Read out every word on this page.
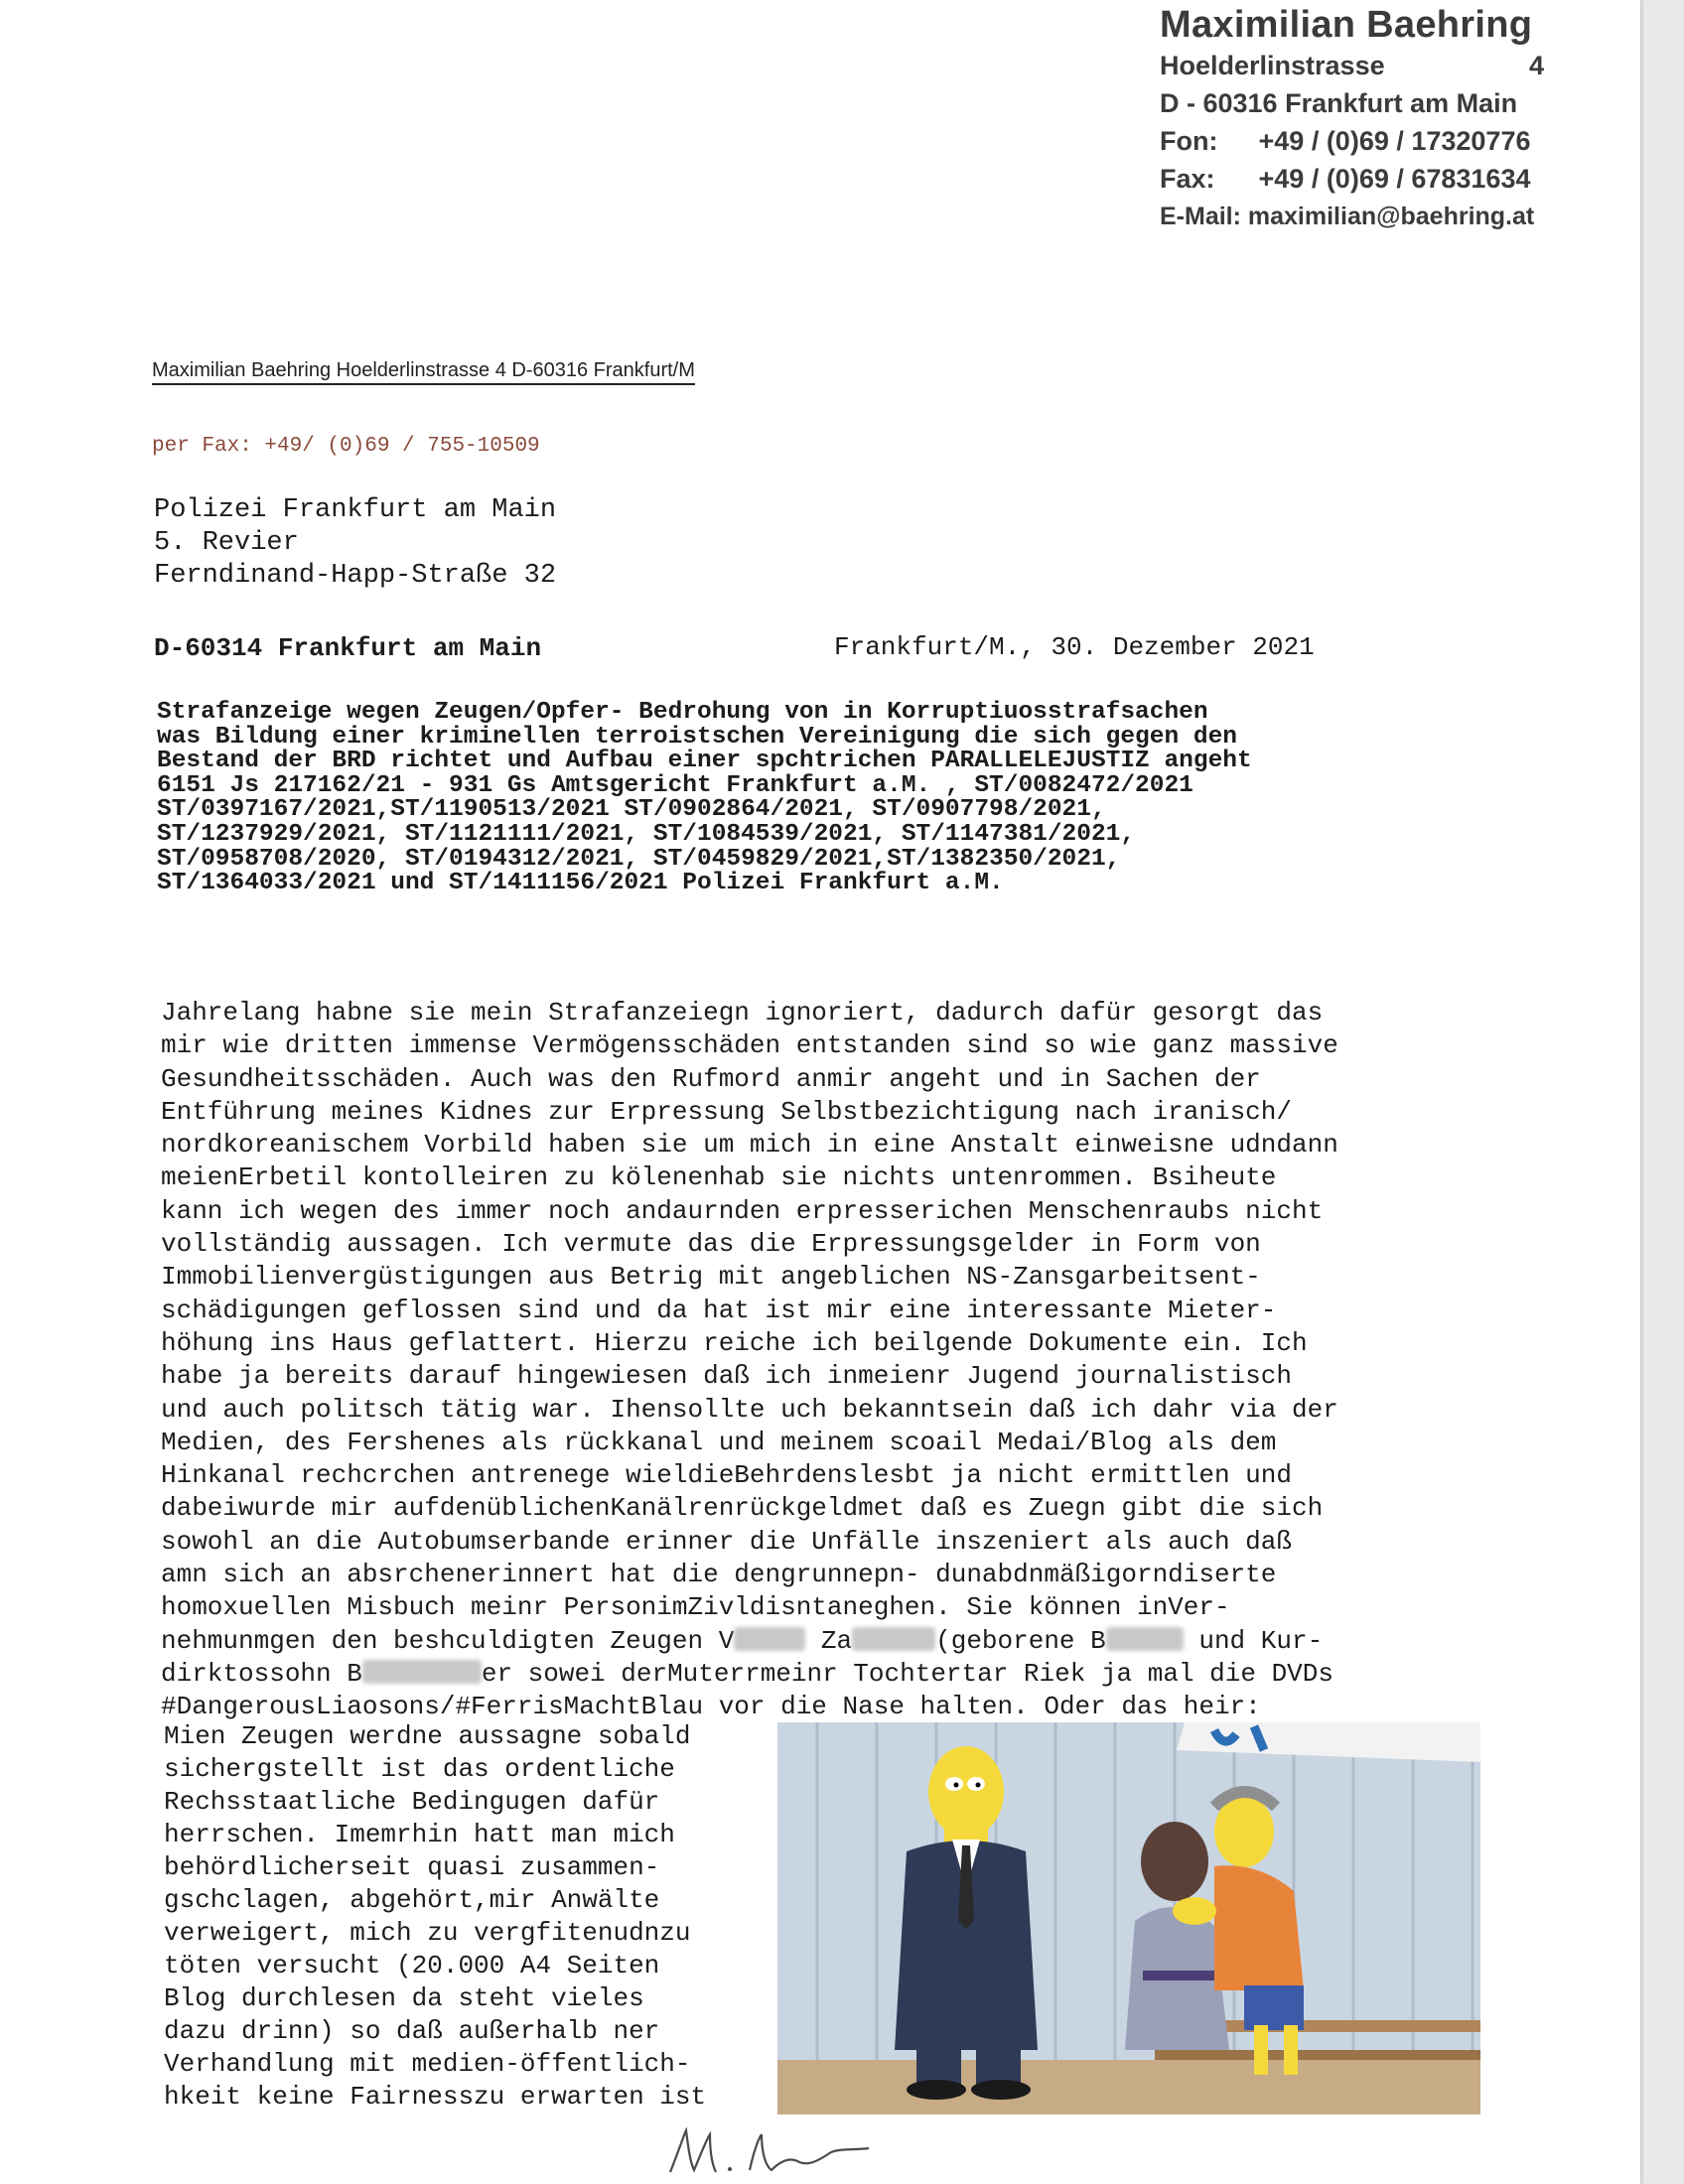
Maximilian Baehring
Hoelderlinstrasse	4
D - 60316 Frankfurt am Main
Fon: +49 / (0)69 / 17320776
Fax: +49 / (0)69 / 67831634
E-Mail: maximilian@baehring.at
Maximilian Baehring Hoelderlinstrasse 4 D-60316 Frankfurt/M
per Fax: +49/ (0)69 / 755-10509
Polizei Frankfurt am Main
5. Revier
Ferndinand-Happ-Straße 32
D-60314 Frankfurt am Main	Frankfurt/M., 30. Dezember 2021
Strafanzeige wegen Zeugen/Opfer- Bedrohung von in Korruptiuosstrafsachen
was Bildung einer kriminellen terroistschen Vereinigung die sich gegen den
Bestand der BRD richtet und Aufbau einer spchtrichen PARALLELEJUSTIZ angeht
6151 Js 217162/21 - 931 Gs Amtsgericht Frankfurt a.M. , ST/0082472/2021
ST/0397167/2021,ST/1190513/2021 ST/0902864/2021, ST/0907798/2021,
ST/1237929/2021, ST/1121111/2021, ST/1084539/2021, ST/1147381/2021,
ST/0958708/2020, ST/0194312/2021, ST/0459829/2021,ST/1382350/2021,
ST/1364033/2021 und ST/1411156/2021 Polizei Frankfurt a.M.
Jahrelang habne sie mein Strafanzeiegn ignoriert, dadurch dafür gesorgt das
mir wie dritten immense Vermögensschäden entstanden sind so wie ganz massive
Gesundheitsschäden. Auch was den Rufmord anmir angeht und in Sachen der
Entführung meines Kidnes zur Erpressung Selbstbezichtigung nach iranisch/
nordkoreanischem Vorbild haben sie um mich in eine Anstalt einweisne udndann
meienErbetil kontolleiren zu kölenenhab sie nichts untenrommen. Bsiheute
kann ich wegen des immer noch andaurnden erpresserichen Menschenraubs nicht
vollständig aussagen. Ich vermute das die Erpressungsgelder in Form von
Immobilienvergüstigungen aus Betrig mit angeblichen NS-Zansgarbeitsent-
schädigungen geflossen sind und da hat ist mir eine interessante Mieter-
höhung ins Haus geflattert. Hierzu reiche ich beilgende Dokumente ein. Ich
habe ja bereits darauf hingewiesen daß ich inmeienr Jugend journalistisch
und auch politsch tätig war. Ihensollte uch bekanntsein daß ich dahr via der
Medien, des Fershenes als rückkanal und meinem scoail Medai/Blog als dem
Hinkanal rechcrchen antrenege wieldieBehrdenslesbt ja nicht ermittlen und
dabeiwurde mir aufdenüblichenKanälrenrückgeldmet daß es Zuegn gibt die sich
sowohl an die Autobumserbande erinner die Unfälle inszeniert als auch daß
amn sich an absrchenerinnert hat die dengrunnepn- dunabdnmäßigorndiserte
homoxuellen Misbuch meinr PersonimZivldisntaneghen. Sie können inVer-
nehmunmgen den beshculdigten Zeugen V	Za	(geborene B	und Kur-
dirktossohn B	er sowei derMuterrmeinr Tochtertar Riek ja mal die DVDs
#DangerousLiaosons/#FerrisMachtBlau vor die Nase halten. Oder das heir:
Mien Zeugen werdne aussagne sobald
sichergstellt ist das ordentliche
Rechsstaatliche Bedingugen dafür
herrschen. Imemrhin hatt man mich
behördlicherseit quasi zusammen-
gschclagen, abgehört,mir Anwälte
verweigert, mich zu vergfitenudnzu
töten versucht (20.000 A4 Seiten
Blog durchlesen da steht vieles
dazu drinn) so daß außerhalb ner
Verhandlung mit medien-öffentlich-
hkeit keine Fairnesszu erwarten ist
